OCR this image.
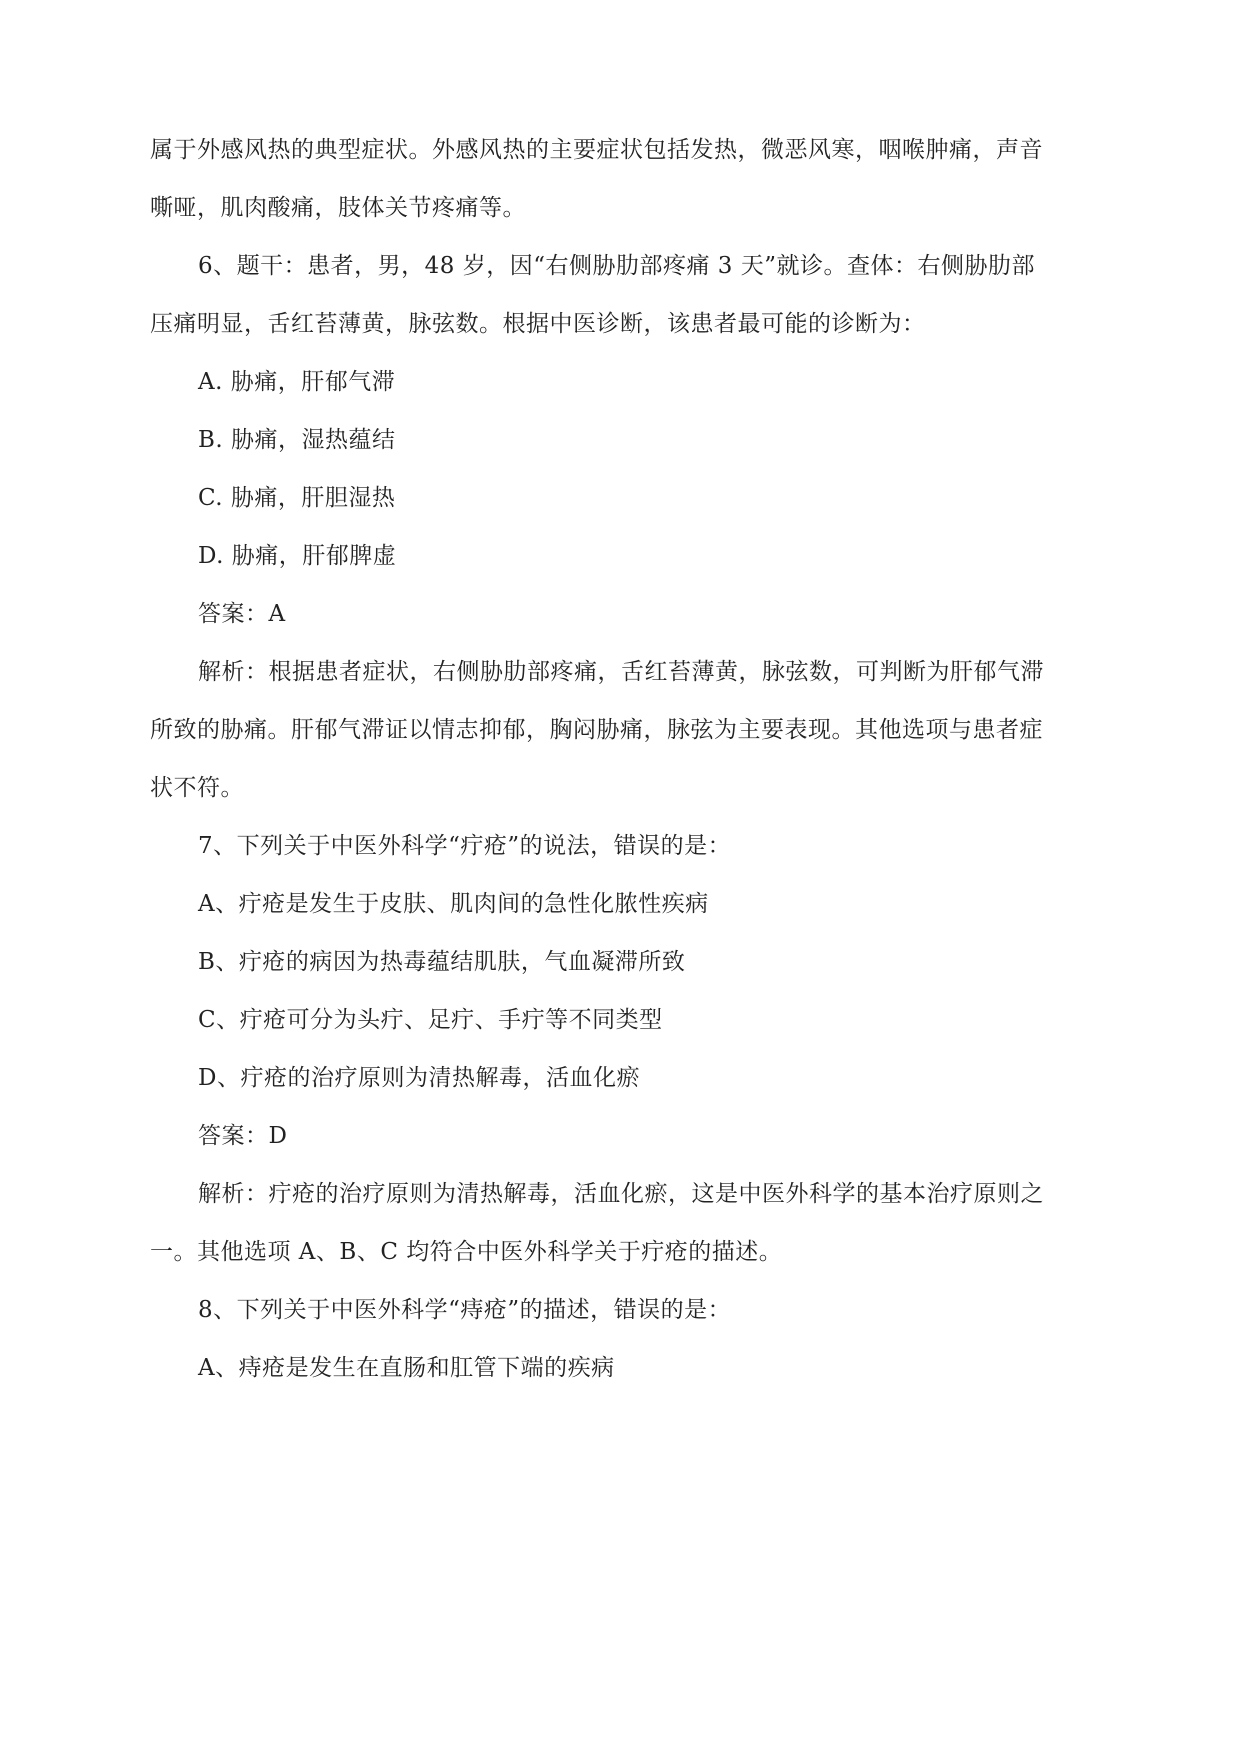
属于外感风热的典型症状。外感风热的主要症状包括发热，微恶风寒，咽喉肿痛，声音
嘶哑，肌肉酸痛，肢体关节疼痛等。
6、题干：患者，男，48 岁，因“右侧胁肋部疼痛 3 天”就诊。查体：右侧胁肋部
压痛明显，舌红苔薄黄，脉弦数。根据中医诊断，该患者最可能的诊断为：
A. 胁痛，肝郁气滞
B. 胁痛，湿热蕴结
C. 胁痛，肝胆湿热
D. 胁痛，肝郁脾虚
答案：A
解析：根据患者症状，右侧胁肋部疼痛，舌红苔薄黄，脉弦数，可判断为肝郁气滞
所致的胁痛。肝郁气滞证以情志抑郁，胸闷胁痛，脉弦为主要表现。其他选项与患者症
状不符。
7、下列关于中医外科学“疔疮”的说法，错误的是：
A、疔疮是发生于皮肤、肌肉间的急性化脓性疾病
B、疔疮的病因为热毒蕴结肌肤，气血凝滞所致
C、疔疮可分为头疔、足疔、手疔等不同类型
D、疔疮的治疗原则为清热解毒，活血化瘀
答案：D
解析：疔疮的治疗原则为清热解毒，活血化瘀，这是中医外科学的基本治疗原则之
一。其他选项 A、B、C 均符合中医外科学关于疔疮的描述。
8、下列关于中医外科学“痔疮”的描述，错误的是：
A、痔疮是发生在直肠和肛管下端的疾病
